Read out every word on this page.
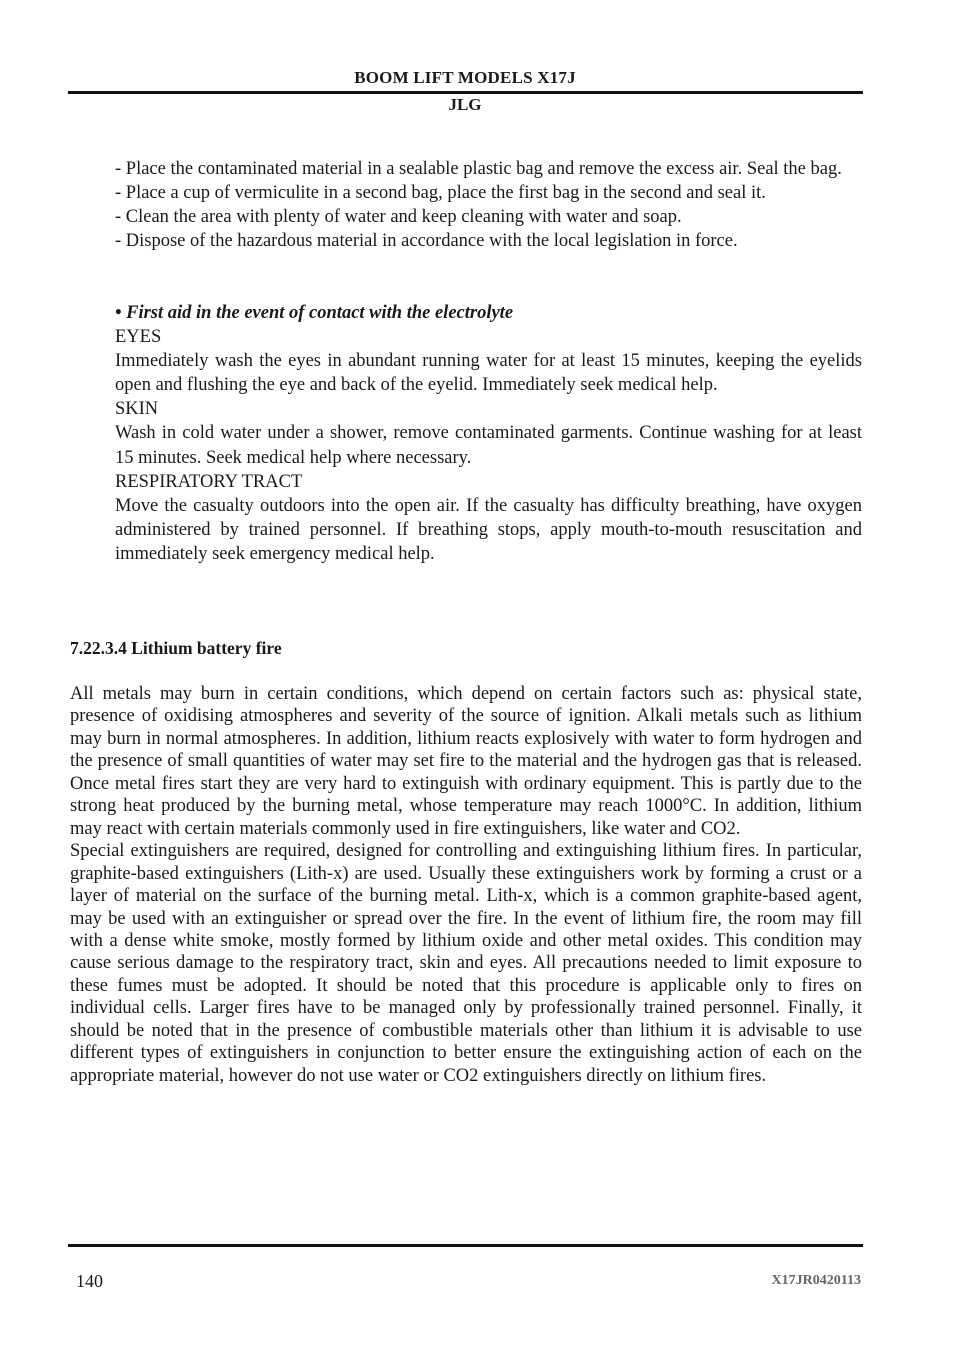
BOOM LIFT MODELS X17J
JLG

- Place the contaminated material in a sealable plastic bag and remove the excess air. Seal the bag.

- Place a cup of vermiculite in a second bag, place the first bag in the second and seal it.

- Clean the area with plenty of water and keep cleaning with water and soap.

- Dispose of the hazardous material in accordance with the local legislation in force.

• First aid in the event of contact with the electrolyte

EYES

Immediately wash the eyes in abundant running water for at least 15 minutes, keeping the eyelids open and flushing the eye and back of the eyelid. Immediately seek medical help.

SKIN

Wash in cold water under a shower, remove contaminated garments. Continue washing for at least 15 minutes. Seek medical help where necessary.

RESPIRATORY TRACT

Move the casualty outdoors into the open air. If the casualty has difficulty breathing, have oxygen administered by trained personnel. If breathing stops, apply mouth-to-mouth resuscitation and immediately seek emergency medical help.

7.22.3.4 Lithium battery fire

All metals may burn in certain conditions, which depend on certain factors such as: physical state, presence of oxidising atmospheres and severity of the source of ignition. Alkali metals such as lithium may burn in normal atmospheres. In addition, lithium reacts explosively with water to form hydrogen and the presence of small quantities of water may set fire to the material and the hydrogen gas that is released. Once metal fires start they are very hard to extinguish with ordinary equipment. This is partly due to the strong heat produced by the burning metal, whose temperature may reach 1000°C. In addition, lithium may react with certain materials commonly used in fire extinguishers, like water and CO2.

Special extinguishers are required, designed for controlling and extinguishing lithium fires. In particular, graphite-based extinguishers (Lith-x) are used. Usually these extinguishers work by forming a crust or a layer of material on the surface of the burning metal. Lith-x, which is a common graphite-based agent, may be used with an extinguisher or spread over the fire. In the event of lithium fire, the room may fill with a dense white smoke, mostly formed by lithium oxide and other metal oxides. This condition may cause serious damage to the respiratory tract, skin and eyes. All precautions needed to limit exposure to these fumes must be adopted. It should be noted that this procedure is applicable only to fires on individual cells. Larger fires have to be managed only by professionally trained personnel. Finally, it should be noted that in the presence of combustible materials other than lithium it is advisable to use different types of extinguishers in conjunction to better ensure the extinguishing action of each on the appropriate material, however do not use water or CO2 extinguishers directly on lithium fires.

140	X17JR0420113
